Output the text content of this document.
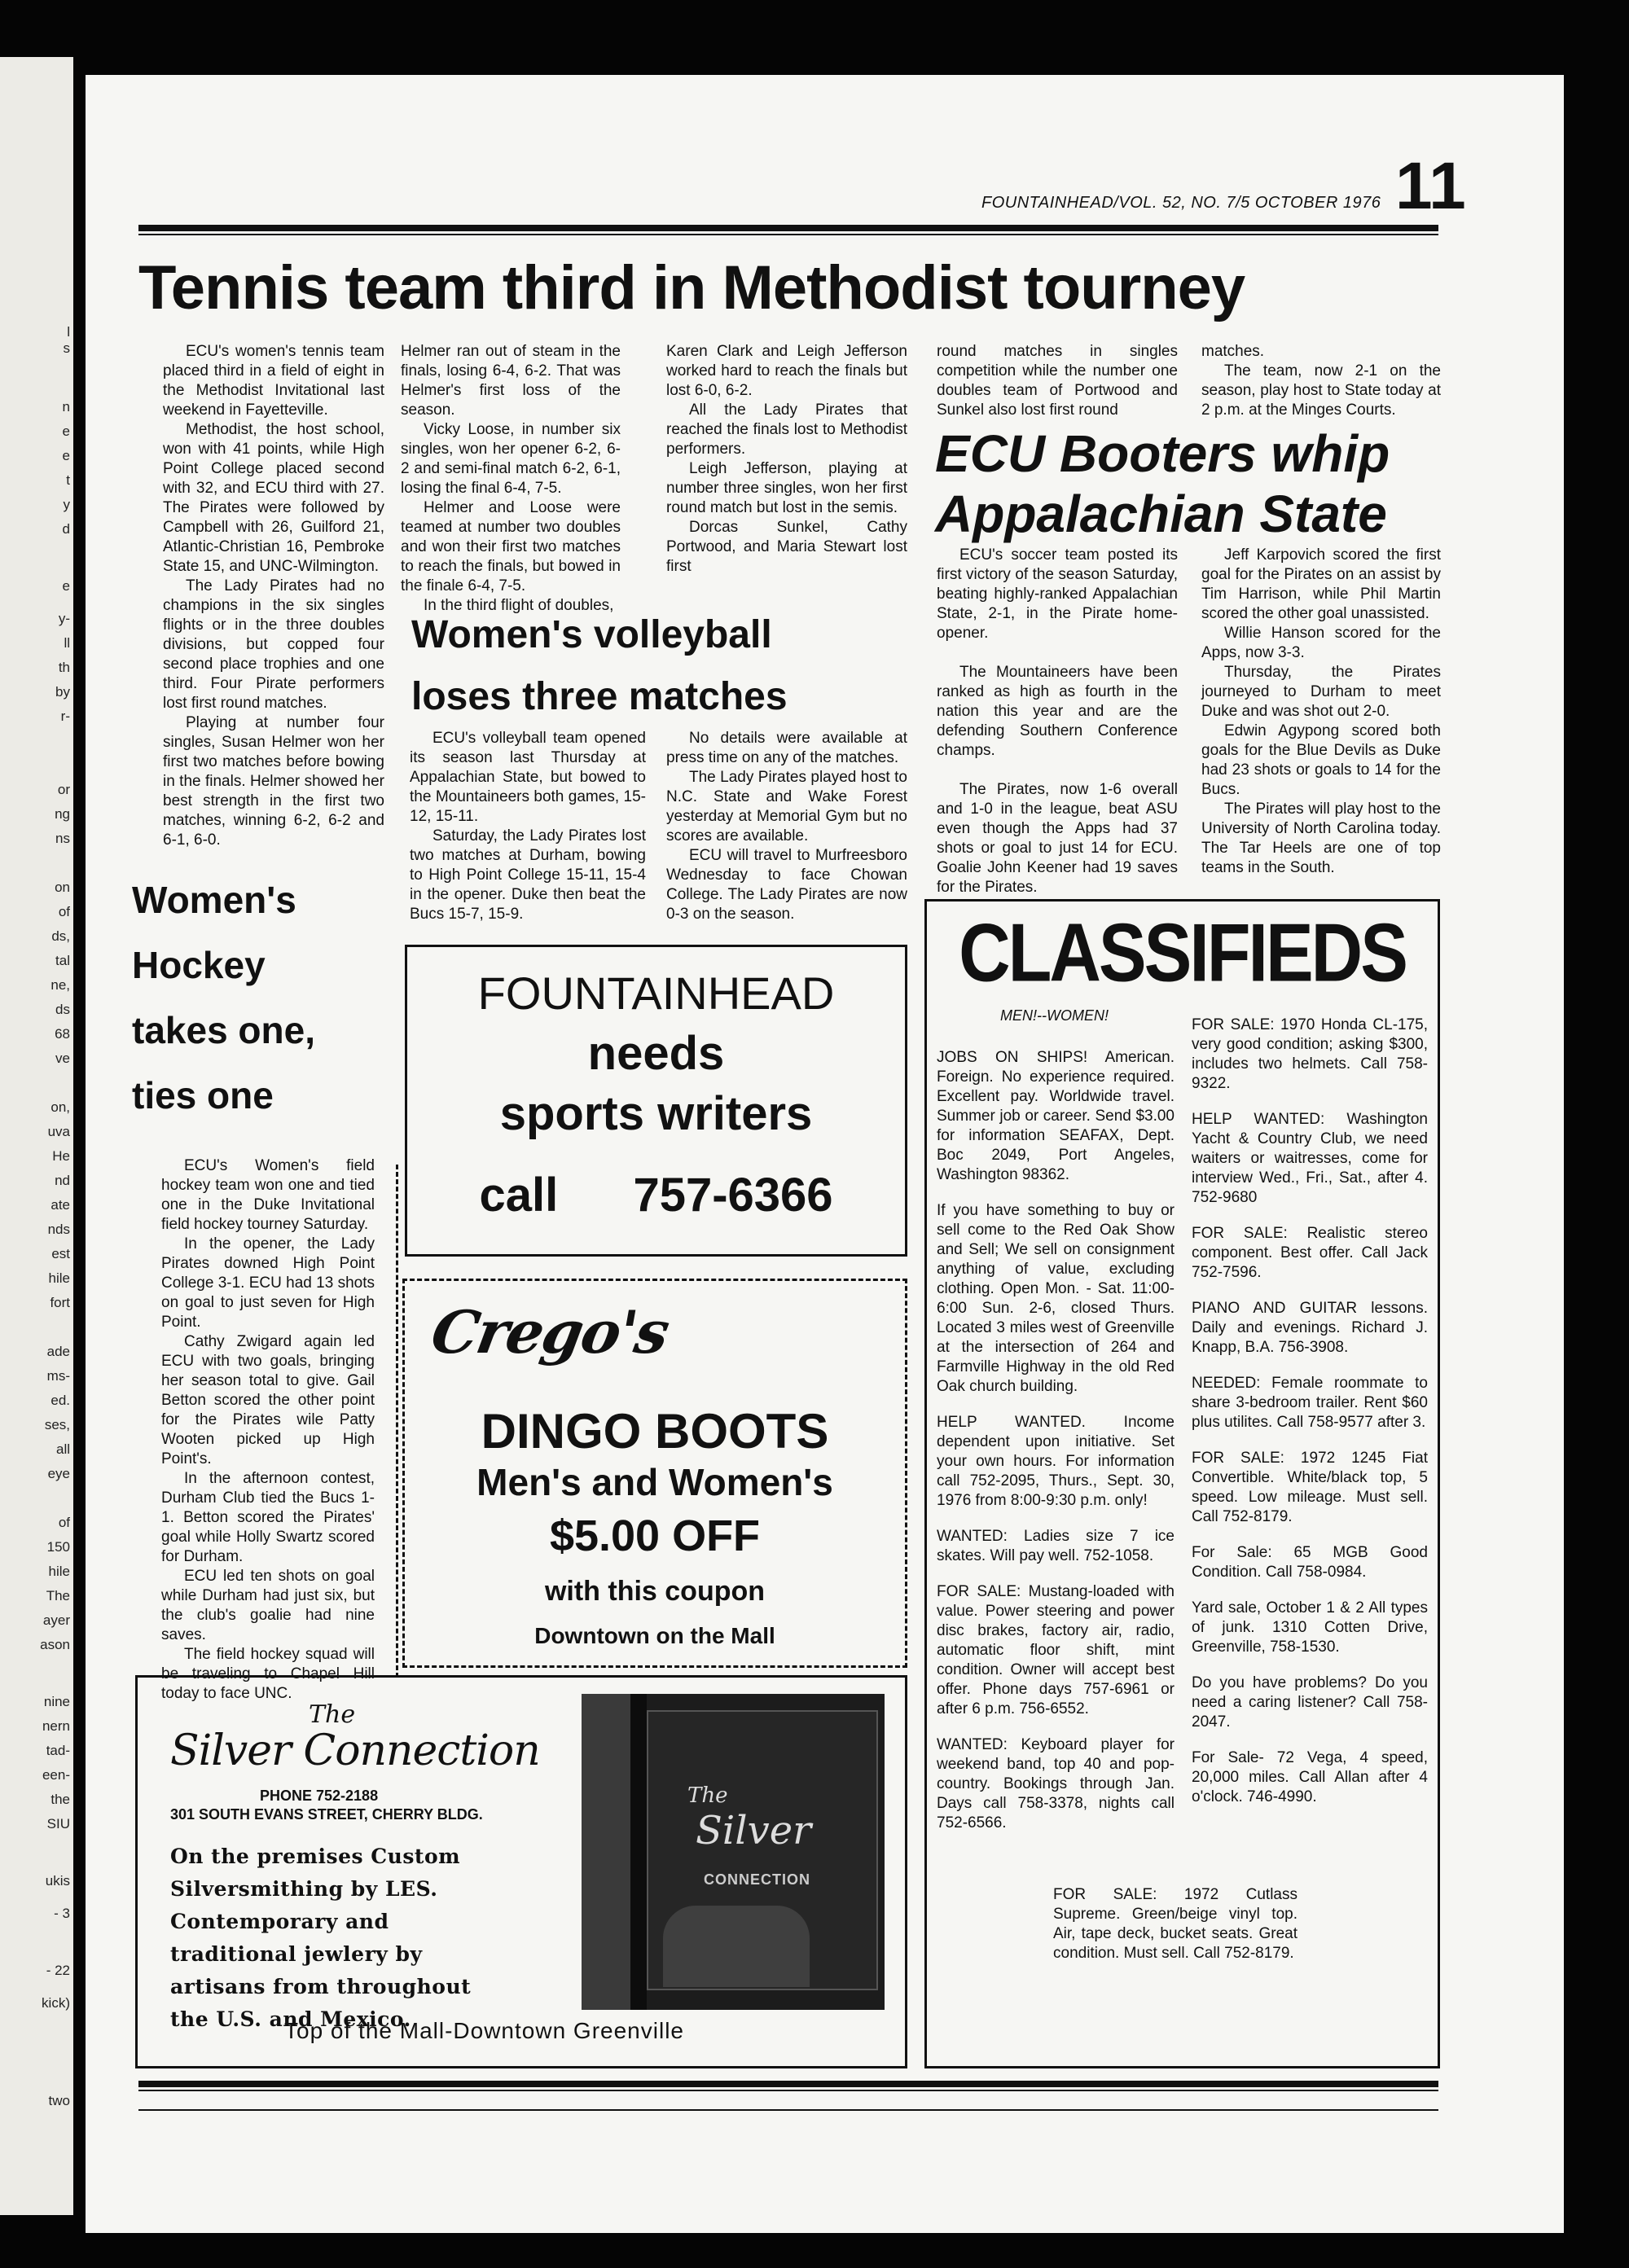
l
s
n
e
e
t
y
d
e
y-
ll
th
by
r-
or
ng
ns
on
of
ds,
tal
ne,
ds
68
ve
on,
uva
He
nd
ate
nds
est
hile
fort
ade
ms-
ed.
ses,
all
eye
of
150
hile
The
ayer
ason
nine
nern
tad-
een-
the
SIU
ukis
- 3
- 22
kick)
two
FOUNTAINHEAD/VOL. 52, NO. 7/5 OCTOBER 1976 11
Tennis team third in Methodist tourney

ECU's women's tennis team placed third in a field of eight in the Methodist Invitational last weekend in Fayetteville.

Methodist, the host school, won with 41 points, while High Point College placed second with 32, and ECU third with 27. The Pirates were followed by Campbell with 26, Guilford 21, Atlantic-Christian 16, Pembroke State 15, and UNC-Wilmington.

The Lady Pirates had no champions in the six singles flights or in the three doubles divisions, but copped four second place trophies and one third. Four Pirate performers lost first round matches.

Playing at number four singles, Susan Helmer won her first two matches before bowing in the finals. Helmer showed her best strength in the first two matches, winning 6-2, 6-2 and 6-1, 6-0.

Helmer ran out of steam in the finals, losing 6-4, 6-2. That was Helmer's first loss of the season.

Vicky Loose, in number six singles, won her opener 6-2, 6-2 and semi-final match 6-2, 6-1, losing the final 6-4, 7-5.

Helmer and Loose were teamed at number two doubles and won their first two matches to reach the finals, but bowed in the finale 6-4, 7-5.

In the third flight of doubles,

Karen Clark and Leigh Jefferson worked hard to reach the finals but lost 6-0, 6-2.

All the Lady Pirates that reached the finals lost to Methodist performers.

Leigh Jefferson, playing at number three singles, won her first round match but lost in the semis.

Dorcas Sunkel, Cathy Portwood, and Maria Stewart lost first

round matches in singles competition while the number one doubles team of Portwood and Sunkel also lost first round

matches.

The team, now 2-1 on the season, play host to State today at 2 p.m. at the Minges Courts.

ECU Booters whip
Appalachian State

ECU's soccer team posted its first victory of the season Saturday, beating highly-ranked Appalachian State, 2-1, in the Pirate home-opener.

The Mountaineers have been ranked as high as fourth in the nation this year and are the defending Southern Conference champs.

The Pirates, now 1-6 overall and 1-0 in the league, beat ASU even though the Apps had 37 shots or goal to just 14 for ECU. Goalie John Keener had 19 saves for the Pirates.

Jeff Karpovich scored the first goal for the Pirates on an assist by Tim Harrison, while Phil Martin scored the other goal unassisted.

Willie Hanson scored for the Apps, now 3-3.

Thursday, the Pirates journeyed to Durham to meet Duke and was shot out 2-0.

Edwin Agypong scored both goals for the Blue Devils as Duke had 23 shots or goals to 14 for the Bucs.

The Pirates will play host to the University of North Carolina today. The Tar Heels are one of top teams in the South.

Women's volleyball
loses three matches

ECU's volleyball team opened its season last Thursday at Appalachian State, but bowed to the Mountaineers both games, 15-12, 15-11.

Saturday, the Lady Pirates lost two matches at Durham, bowing to High Point College 15-11, 15-4 in the opener. Duke then beat the Bucs 15-7, 15-9.

No details were available at press time on any of the matches.

The Lady Pirates played host to N.C. State and Wake Forest yesterday at Memorial Gym but no scores are available.

ECU will travel to Murfreesboro Wednesday to face Chowan College. The Lady Pirates are now 0-3 on the season.

Women's
Hockey
takes one,
ties one

ECU's Women's field hockey team won one and tied one in the Duke Invitational field hockey tourney Saturday.

In the opener, the Lady Pirates downed High Point College 3-1. ECU had 13 shots on goal to just seven for High Point.

Cathy Zwigard again led ECU with two goals, bringing her season total to give. Gail Betton scored the other point for the Pirates wile Patty Wooten picked up High Point's.

In the afternoon contest, Durham Club tied the Bucs 1-1. Betton scored the Pirates' goal while Holly Swartz scored for Durham.

ECU led ten shots on goal while Durham had just six, but the club's goalie had nine saves.

The field hockey squad will be traveling to Chapel Hill today to face UNC.

FOUNTAINHEAD
needs
sports writers
call 757-6366
Crego's
DINGO BOOTS
Men's and Women's
$5.00 OFF
with this coupon
Downtown on the Mall
The
Silver Connection
PHONE 752-2188
301 SOUTH EVANS STREET, CHERRY BLDG.
On the premises Custom Silversmithing by LES. Contemporary and traditional jewlery by artisans from throughout the U.S. and Mexico.
Top of the Mall-Downtown Greenville
The
Silver
CONNECTION
CLASSIFIEDS
MEN!--WOMEN!

JOBS ON SHIPS! American. Foreign. No experience required. Excellent pay. Worldwide travel. Summer job or career. Send $3.00 for information SEAFAX, Dept. Boc 2049, Port Angeles, Washington 98362.

If you have something to buy or sell come to the Red Oak Show and Sell; We sell on consignment anything of value, excluding clothing. Open Mon. - Sat. 11:00-6:00 Sun. 2-6, closed Thurs. Located 3 miles west of Greenville at the intersection of 264 and Farmville Highway in the old Red Oak church building.

HELP WANTED. Income dependent upon initiative. Set your own hours. For information call 752-2095, Thurs., Sept. 30, 1976 from 8:00-9:30 p.m. only!

WANTED: Ladies size 7 ice skates. Will pay well. 752-1058.

FOR SALE: Mustang-loaded with value. Power steering and power disc brakes, factory air, radio, automatic floor shift, mint condition. Owner will accept best offer. Phone days 757-6961 or after 6 p.m. 756-6552.

WANTED: Keyboard player for weekend band, top 40 and pop-country. Bookings through Jan. Days call 758-3378, nights call 752-6566.

FOR SALE: 1970 Honda CL-175, very good condition; asking $300, includes two helmets. Call 758-9322.

HELP WANTED: Washington Yacht & Country Club, we need waiters or waitresses, come for interview Wed., Fri., Sat., after 4. 752-9680

FOR SALE: Realistic stereo component. Best offer. Call Jack 752-7596.

PIANO AND GUITAR lessons. Daily and evenings. Richard J. Knapp, B.A. 756-3908.

NEEDED: Female roommate to share 3-bedroom trailer. Rent $60 plus utilites. Call 758-9577 after 3.

FOR SALE: 1972 1245 Fiat Convertible. White/black top, 5 speed. Low mileage. Must sell. Call 752-8179.

For Sale: 65 MGB Good Condition. Call 758-0984.

Yard sale, October 1 & 2 All types of junk. 1310 Cotten Drive, Greenville, 758-1530.

Do you have problems? Do you need a caring listener? Call 758-2047.

For Sale- 72 Vega, 4 speed, 20,000 miles. Call Allan after 4 o'clock. 746-4990.

FOR SALE: 1972 Cutlass Supreme. Green/beige vinyl top. Air, tape deck, bucket seats. Great condition. Must sell. Call 752-8179.
